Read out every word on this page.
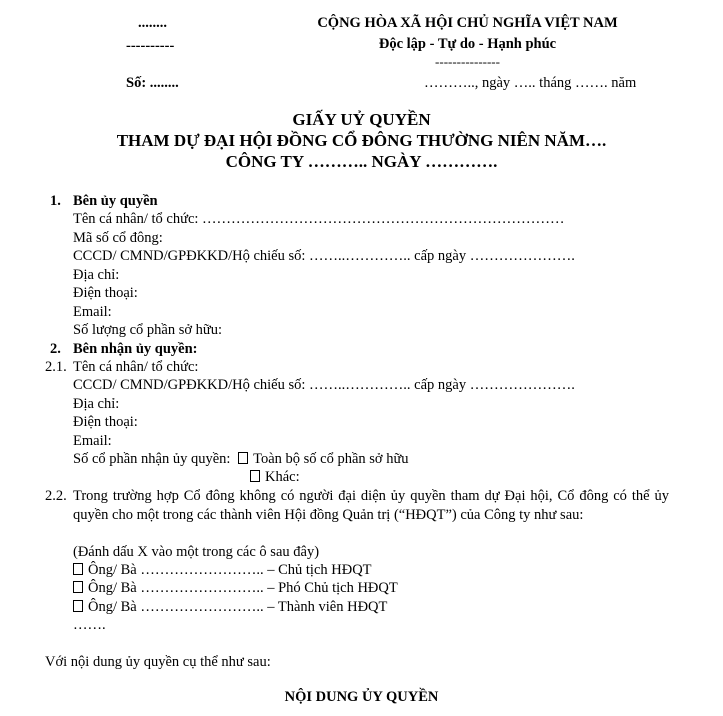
........
----------
Số: ........
CỘNG HÒA XÃ HỘI CHỦ NGHĨA VIỆT NAM
Độc lập - Tự do - Hạnh phúc
---------------
……….., ngày ….. tháng ……. năm
GIẤY UỶ QUYỀN
THAM DỰ ĐẠI HỘI ĐỒNG CỔ ĐÔNG THƯỜNG NIÊN NĂM….
CÔNG TY ……….. NGÀY ………….
1. Bên ủy quyền
Tên cá nhân/ tổ chức: …………………………………………………………………
Mã số cổ đông:
CCCD/ CMND/GPĐKKD/Hộ chiếu số: ……..………….. cấp ngày ………………….
Địa chỉ:
Điện thoại:
Email:
Số lượng cổ phần sở hữu:
2. Bên nhận ủy quyền:
2.1. Tên cá nhân/ tổ chức:
CCCD/ CMND/GPĐKKD/Hộ chiếu số: ……..………….. cấp ngày ………………….
Địa chỉ:
Điện thoại:
Email:
Số cổ phần nhận ủy quyền: Toàn bộ số cổ phần sở hữu
Khác:
2.2. Trong trường hợp Cổ đông không có người đại diện ủy quyền tham dự Đại hội, Cổ đông có thể ủy quyền cho một trong các thành viên Hội đồng Quản trị (“HĐQT”) của Công ty như sau:
(Đánh dấu X vào một trong các ô sau đây)
Ông/ Bà …………………….. – Chủ tịch HĐQT
Ông/ Bà …………………….. – Phó Chủ tịch HĐQT
Ông/ Bà …………………….. – Thành viên HĐQT
…….
Với nội dung ủy quyền cụ thể như sau:
NỘI DUNG ỦY QUYỀN
